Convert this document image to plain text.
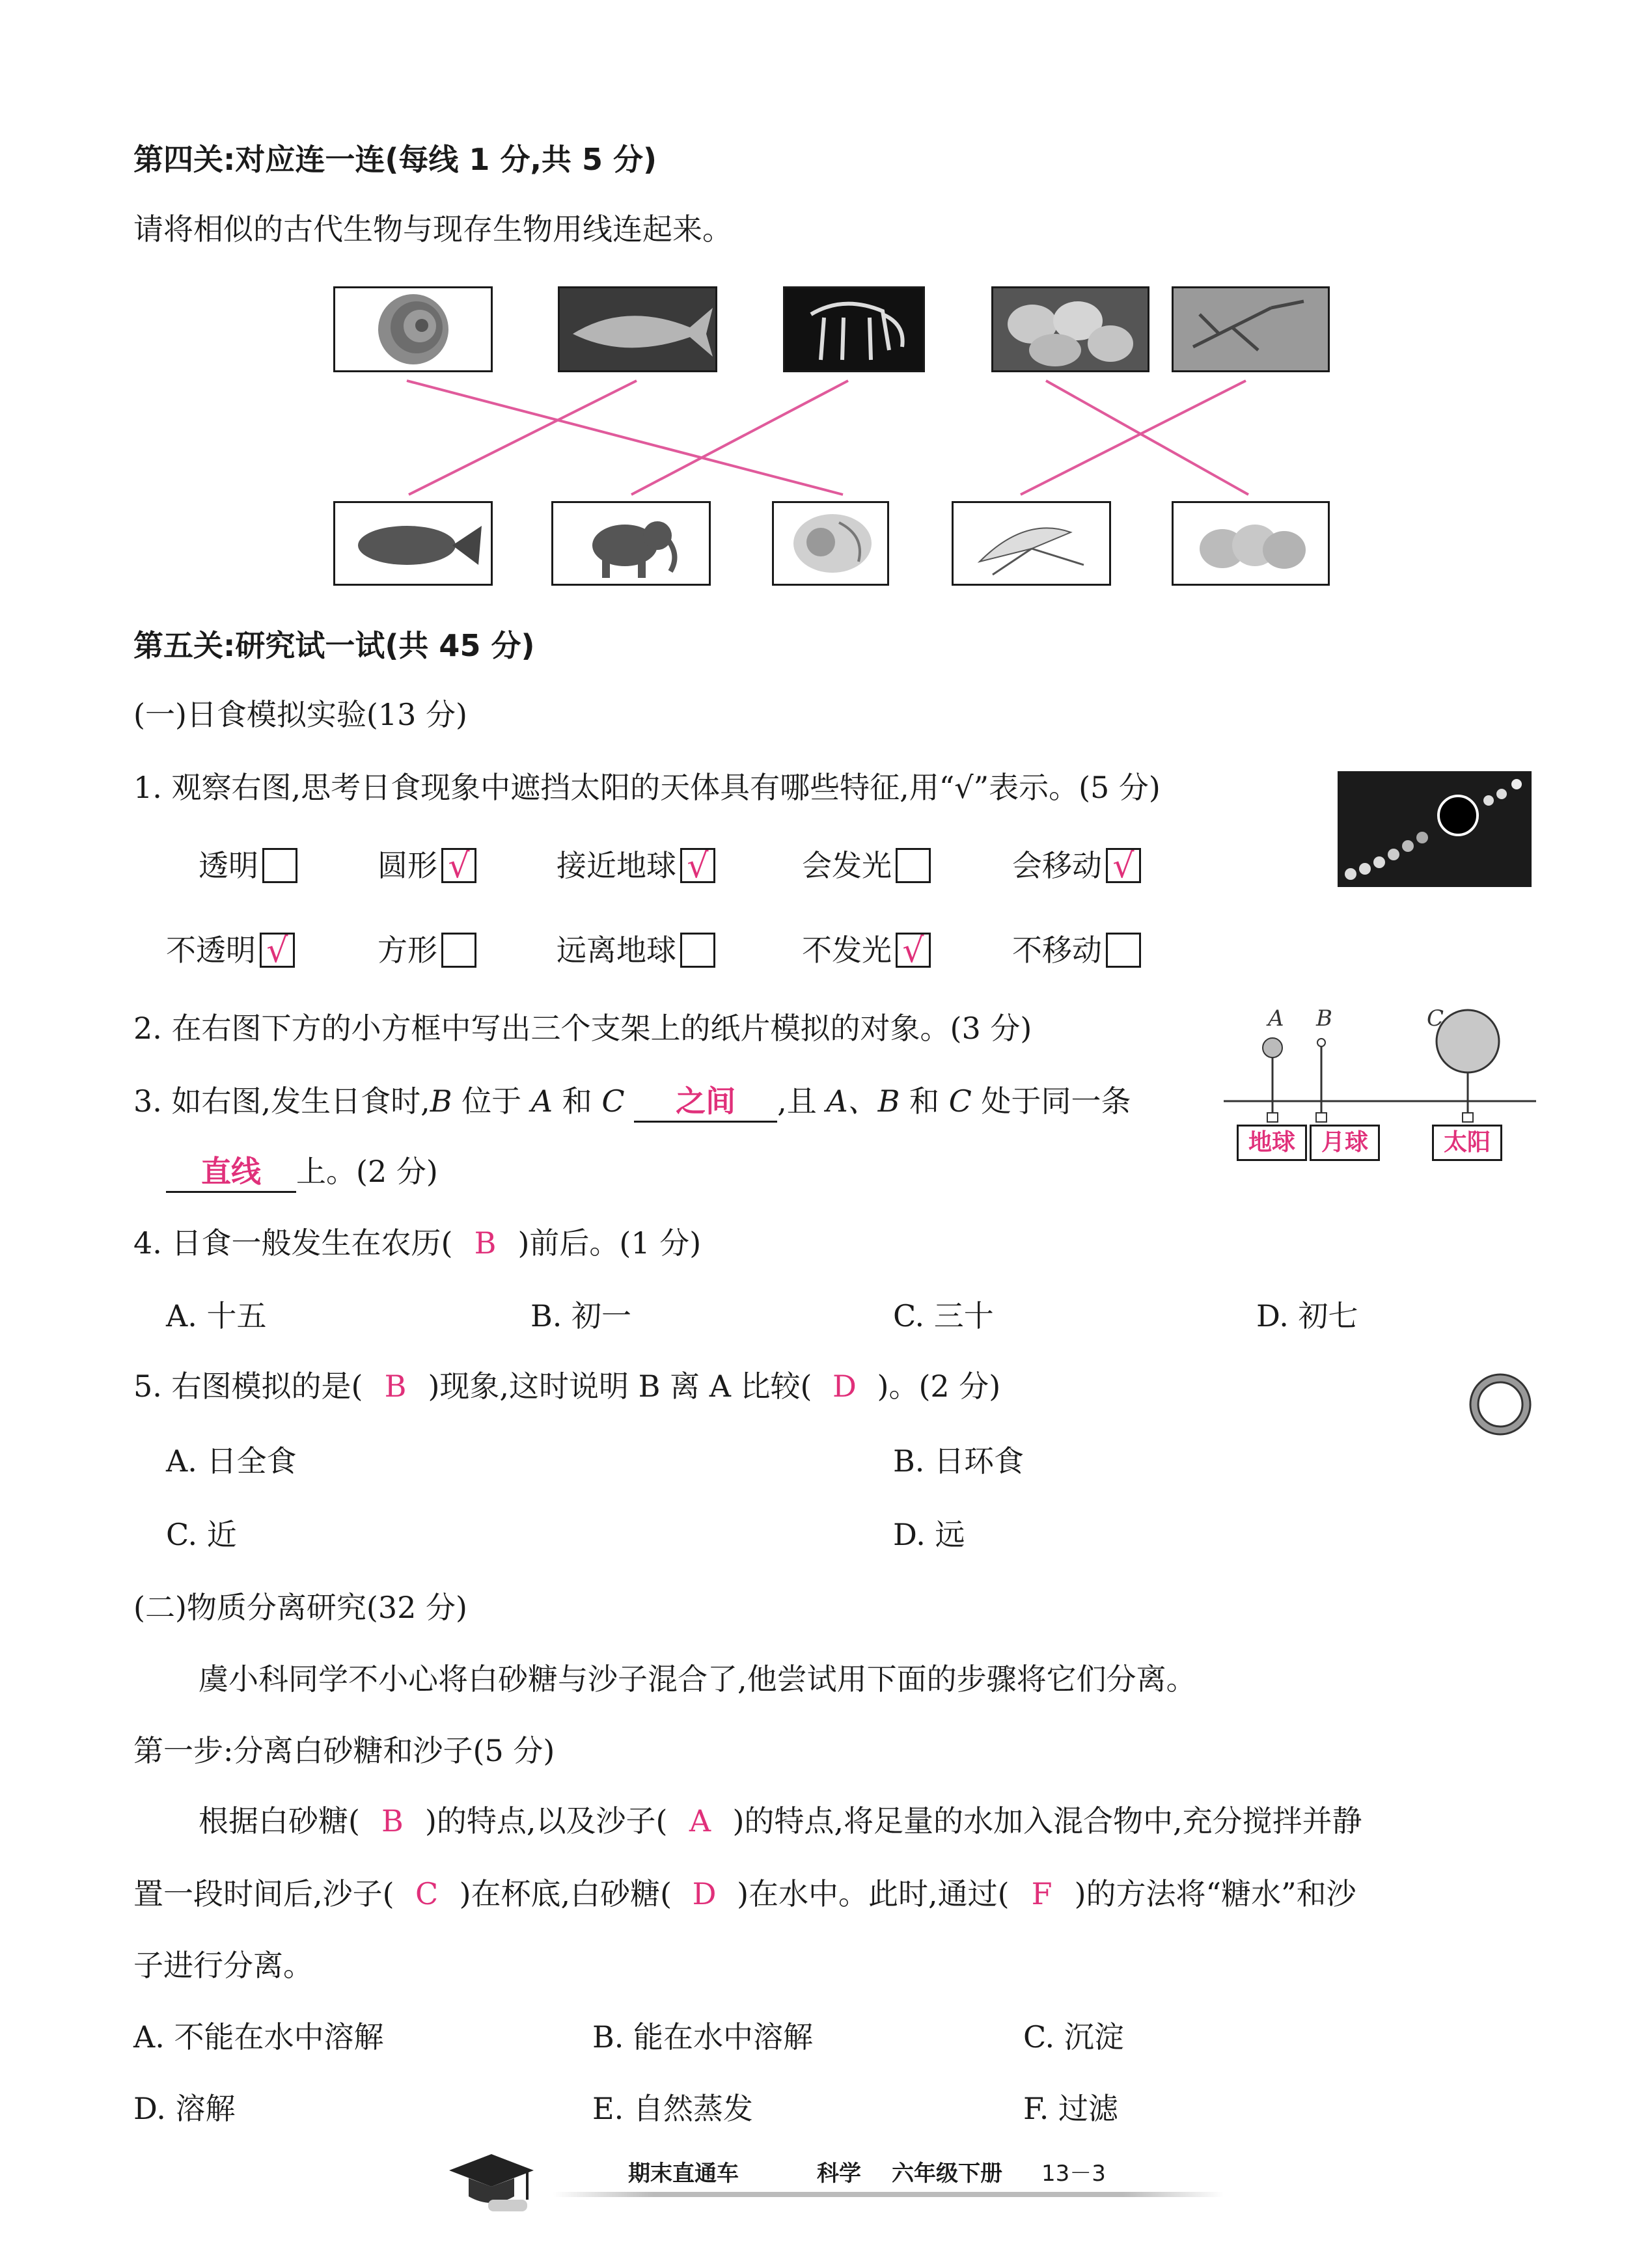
第四关:对应连一连(每线 1 分,共 5 分)
请将相似的古代生物与现存生物用线连起来。
第五关:研究试一试(共 45 分)
(一)日食模拟实验(13 分)
1. 观察右图,思考日食现象中遮挡太阳的天体具有哪些特征,用“√”表示。(5 分)
透明	圆形 √	接近地球 √	会发光	会移动 √
不透明 √	方形	远离地球	不发光 √	不移动
2. 在右图下方的小方框中写出三个支架上的纸片模拟的对象。(3 分)	A B	C
地球	月球	太阳
3. 如右图,发生日食时,B 位于 A 和 C 之间 ,且 A、B 和 C 处于同一条
直线 上。(2 分)
4. 日食一般发生在农历( B )前后。(1 分)
A. 十五	B. 初一	C. 三十	D. 初七
5. 右图模拟的是( B )现象,这时说明 B 离 A 比较( D )。(2 分)
A. 日全食	B. 日环食
C. 近	D. 远
(二)物质分离研究(32 分)
虞小科同学不小心将白砂糖与沙子混合了,他尝试用下面的步骤将它们分离。
第一步:分离白砂糖和沙子(5 分)
根据白砂糖( B )的特点,以及沙子( A )的特点,将足量的水加入混合物中,充分搅拌并静
置一段时间后,沙子( C )在杯底,白砂糖( D )在水中。此时,通过( F )的方法将“糖水”和沙
子进行分离。
A. 不能在水中溶解	B. 能在水中溶解	C. 沉淀
D. 溶解	E. 自然蒸发	F. 过滤
期末直通车	科学 六年级下册 13－3
